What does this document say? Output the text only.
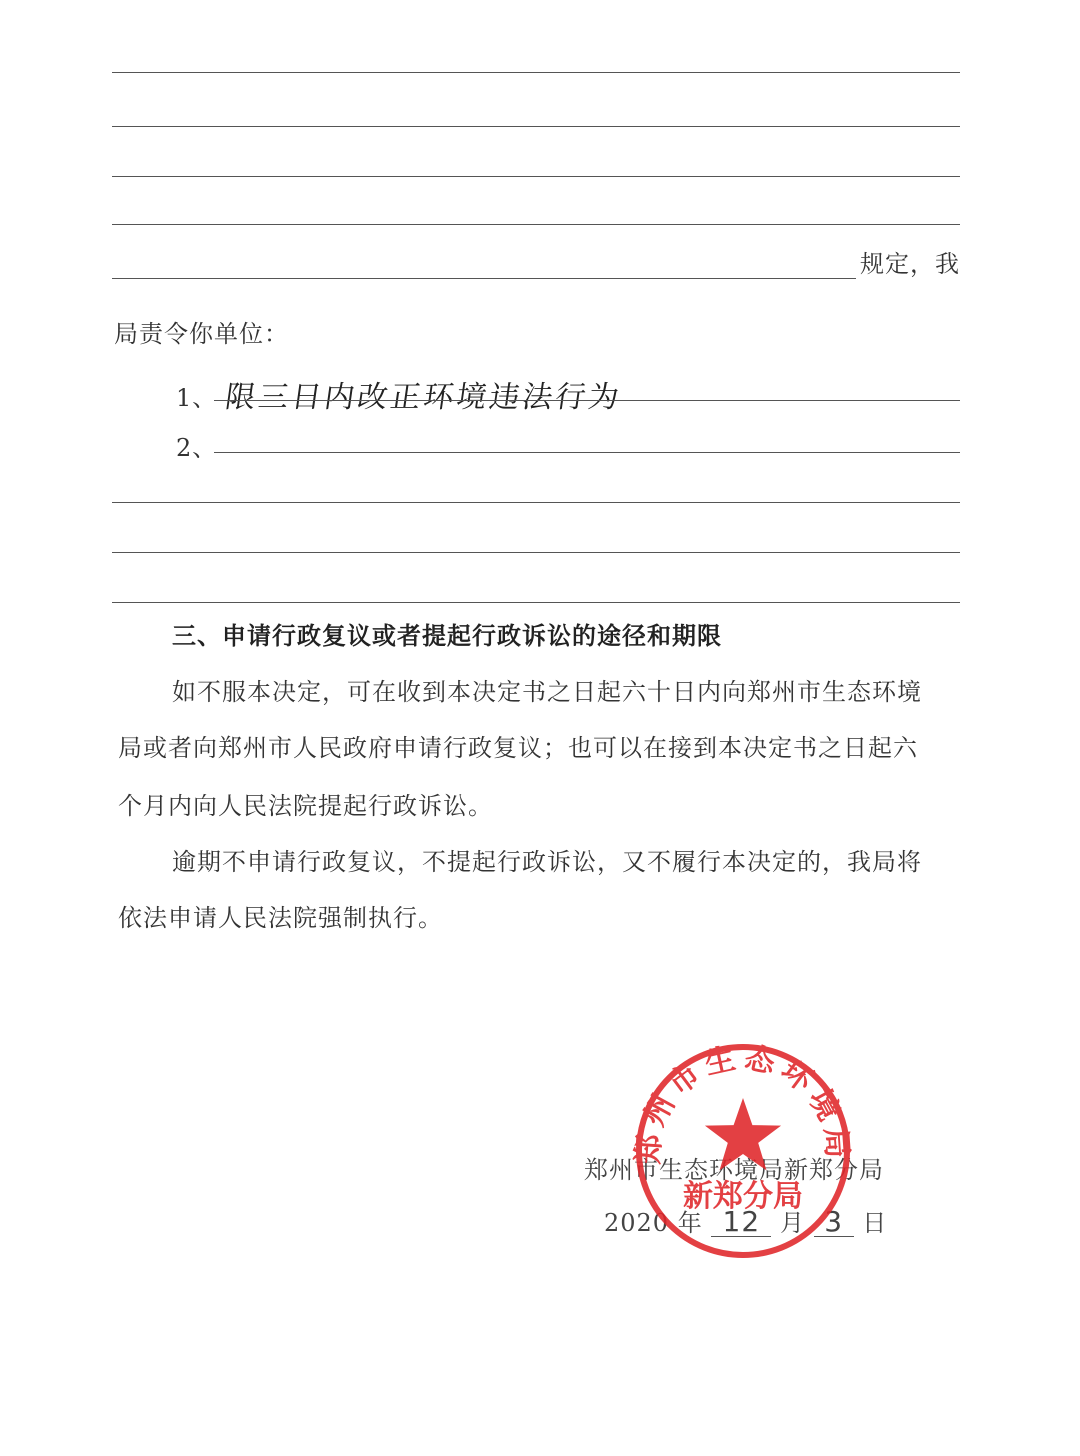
规定，我
局责令你单位：
1、 限三日内改正环境违法行为
2、
三、申请行政复议或者提起行政诉讼的途径和期限
如不服本决定，可在收到本决定书之日起六十日内向郑州市生态环境
局或者向郑州市人民政府申请行政复议；也可以在接到本决定书之日起六
个月内向人民法院提起行政诉讼。
逾期不申请行政复议，不提起行政诉讼，又不履行本决定的，我局将
依法申请人民法院强制执行。
郑州市生态环境局新郑分局
2020 年 12 月 3 日
郑州市生态环境局
新郑分局
